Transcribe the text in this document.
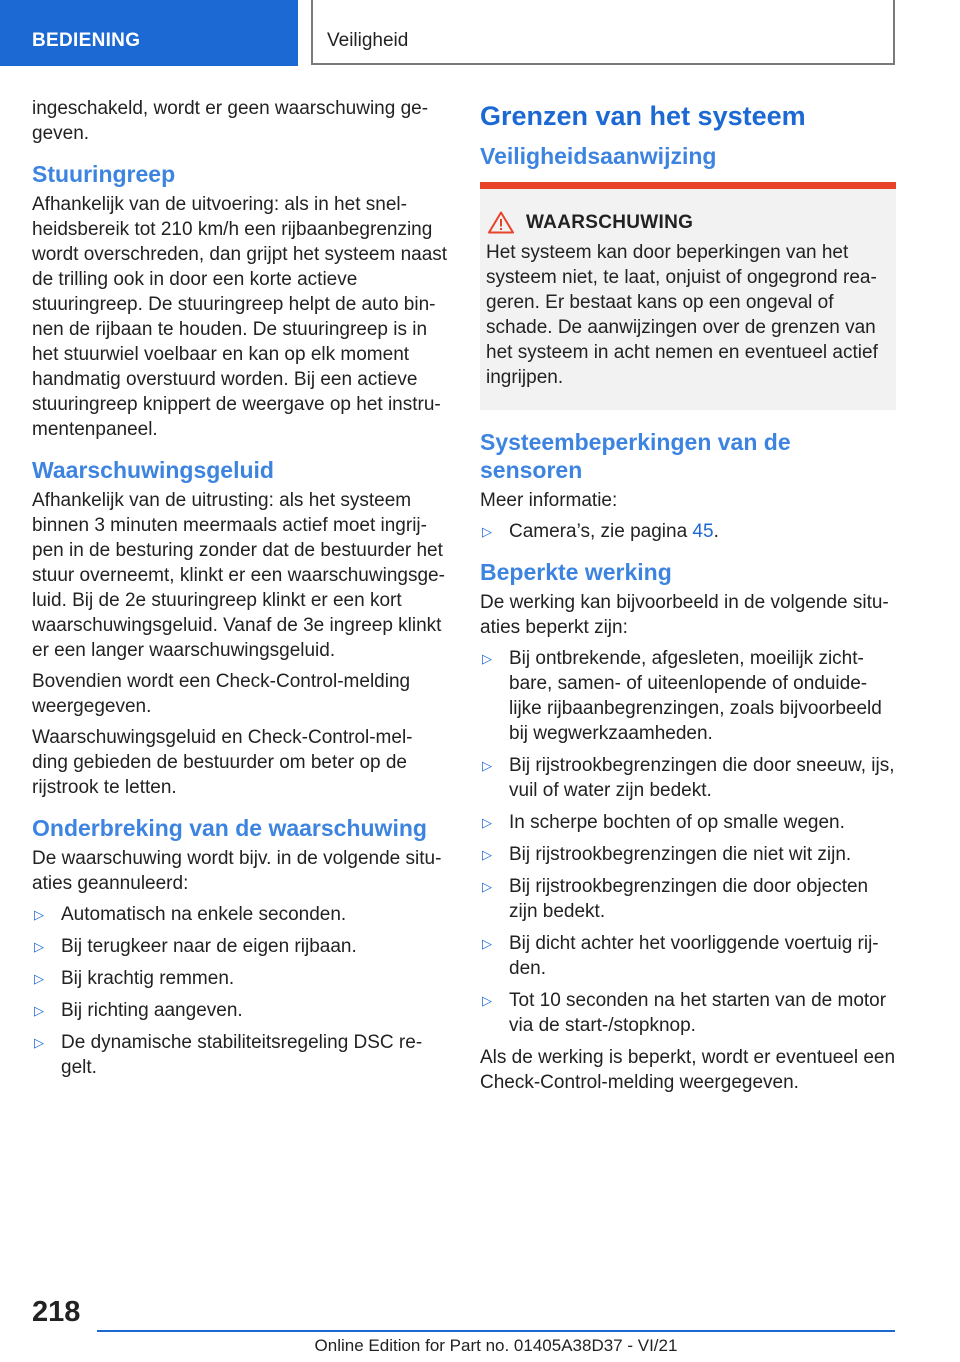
BEDIENING	Veiligheid

ingeschakeld, wordt er geen waarschuwing ge-geven.

Stuuringreep

Afhankelijk van de uitvoering: als in het snel-heidsbereik tot 210 km/h een rijbaanbegrenzing wordt overschreden, dan grijpt het systeem naast de trilling ook in door een korte actieve stuuringreep. De stuuringreep helpt de auto bin-nen de rijbaan te houden. De stuuringreep is in het stuurwiel voelbaar en kan op elk moment handmatig overstuurd worden. Bij een actieve stuuringreep knippert de weergave op het instru-mentenpaneel.

Waarschuwingsgeluid

Afhankelijk van de uitrusting: als het systeem binnen 3 minuten meermaals actief moet ingrij-pen in de besturing zonder dat de bestuurder het stuur overneemt, klinkt er een waarschuwingsge-luid. Bij de 2e stuuringreep klinkt er een kort waarschuwingsgeluid. Vanaf de 3e ingreep klinkt er een langer waarschuwingsgeluid.

Bovendien wordt een Check-Control-melding weergegeven.

Waarschuwingsgeluid en Check-Control-mel-ding gebieden de bestuurder om beter op de rijstrook te letten.

Onderbreking van de waarschuwing

De waarschuwing wordt bijv. in de volgende situ-aties geannuleerd:

▷ Automatisch na enkele seconden.
▷ Bij terugkeer naar de eigen rijbaan.
▷ Bij krachtig remmen.
▷ Bij richting aangeven.
▷ De dynamische stabiliteitsregeling DSC re-gelt.
Grenzen van het systeem
Veiligheidsaanwijzing
WAARSCHUWING

Het systeem kan door beperkingen van het systeem niet, te laat, onjuist of ongegrond rea-geren. Er bestaat kans op een ongeval of schade. De aanwijzingen over de grenzen van het systeem in acht nemen en eventueel actief ingrijpen.

Systeembeperkingen van de sensoren

Meer informatie:

▷ Camera’s, zie pagina 45.
Beperkte werking

De werking kan bijvoorbeeld in de volgende situ-aties beperkt zijn:

▷ Bij ontbrekende, afgesleten, moeilijk zicht-bare, samen- of uiteenlopende of onduide-lijke rijbaanbegrenzingen, zoals bijvoorbeeld bij wegwerkzaamheden.
▷ Bij rijstrookbegrenzingen die door sneeuw, ijs, vuil of water zijn bedekt.
▷ In scherpe bochten of op smalle wegen.
▷ Bij rijstrookbegrenzingen die niet wit zijn.
▷ Bij rijstrookbegrenzingen die door objecten zijn bedekt.
▷ Bij dicht achter het voorliggende voertuig rij-den.
▷ Tot 10 seconden na het starten van de motor via de start-/stopknop.

Als de werking is beperkt, wordt er eventueel een Check-Control-melding weergegeven.

218
Online Edition for Part no. 01405A38D37 - VI/21
